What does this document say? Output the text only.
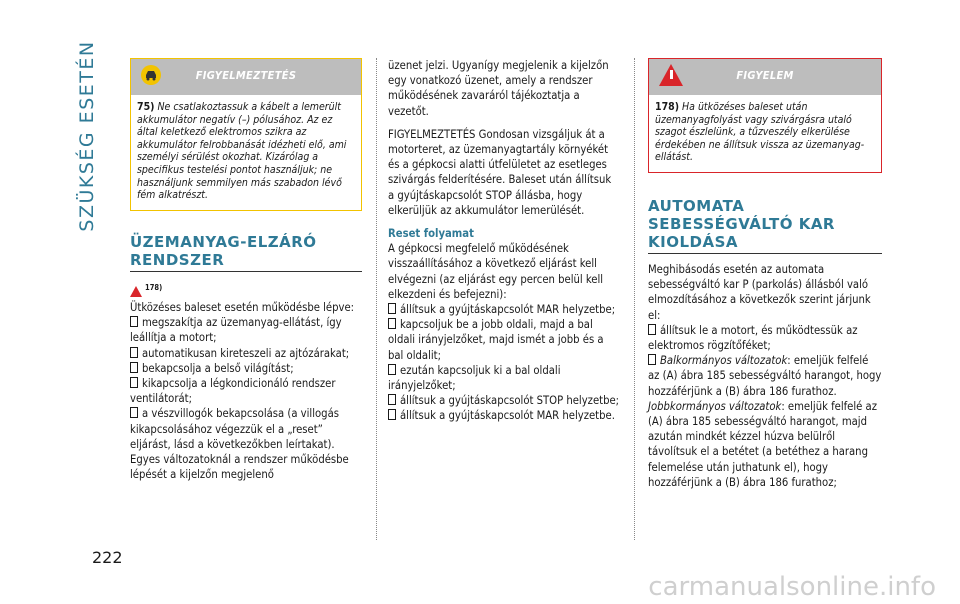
SZÜKSÉG ESETÉN
222
FIGYELMEZTETÉS
75) Ne csatlakoztassuk a kábelt a lemerült akkumulátor negatív (–) pólusához. Az ez által keletkező elektromos szikra az akkumulátor felrobbanását idézheti elő, ami személyi sérülést okozhat. Kizárólag a specifikus testelési pontot használjuk; ne használjunk semmilyen más szabadon lévő fém alkatrészt.
ÜZEMANYAG-ELZÁRÓ
RENDSZER
$^{178)}$

Ütközéses baleset esetén működésbe lépve:

megszakítja az üzemanyag-ellátást, így leállítja a motort;

automatikusan kireteszeli az ajtózárakat;

bekapcsolja a belső világítást;

kikapcsolja a légkondicionáló rendszer ventilátorát;

a vészvillogók bekapcsolása (a villogás kikapcsolásához végezzük el a „reset” eljárást, lásd a következőkben leírtakat).

Egyes változatoknál a rendszer működésbe lépését a kijelzőn megjelenő

üzenet jelzi. Ugyanígy megjelenik a kijelzőn egy vonatkozó üzenet, amely a rendszer működésének zavaráról tájékoztatja a vezetőt.

FIGYELMEZTETÉS Gondosan vizsgáljuk át a motorteret, az üzemanyagtartály környékét és a gépkocsi alatti útfelületet az esetleges szivárgás felderítésére. Baleset után állítsuk a gyújtáskapcsolót STOP állásba, hogy elkerüljük az akkumulátor lemerülését.

Reset folyamat

A gépkocsi megfelelő működésének visszaállításához a következő eljárást kell elvégezni (az eljárást egy percen belül kell elkezdeni és befejezni):

állítsuk a gyújtáskapcsolót MAR helyzetbe;

kapcsoljuk be a jobb oldali, majd a bal oldali irányjelzőket, majd ismét a jobb és a bal oldalit;

ezután kapcsoljuk ki a bal oldali irányjelzőket;

állítsuk a gyújtáskapcsolót STOP helyzetbe;

állítsuk a gyújtáskapcsolót MAR helyzetbe.

FIGYELEM
178) Ha ütközéses baleset után üzemanyagfolyást vagy szivárgásra utaló szagot észlelünk, a tűzveszély elkerülése érdekében ne állítsuk vissza az üzemanyag-ellátást.
AUTOMATA
SEBESSÉGVÁLTÓ KAR
KIOLDÁSA

Meghibásodás esetén az automata sebességváltó kar P (parkolás) állásból való elmozdításához a következők szerint járjunk el:

állítsuk le a motort, és működtessük az elektromos rögzítőféket;

Balkormányos változatok: emeljük felfelé az (A) ábra 185 sebességváltó harangot, hogy hozzáférjünk a (B) ábra 186 furathoz. Jobbkormányos változatok: emeljük felfelé az (A) ábra 185 sebességváltó harangot, majd azután mindkét kézzel húzva belülről távolítsuk el a betétet (a betéthez a harang felemelése után juthatunk el), hogy hozzáférjünk a (B) ábra 186 furathoz;

carmanualsonline.info
